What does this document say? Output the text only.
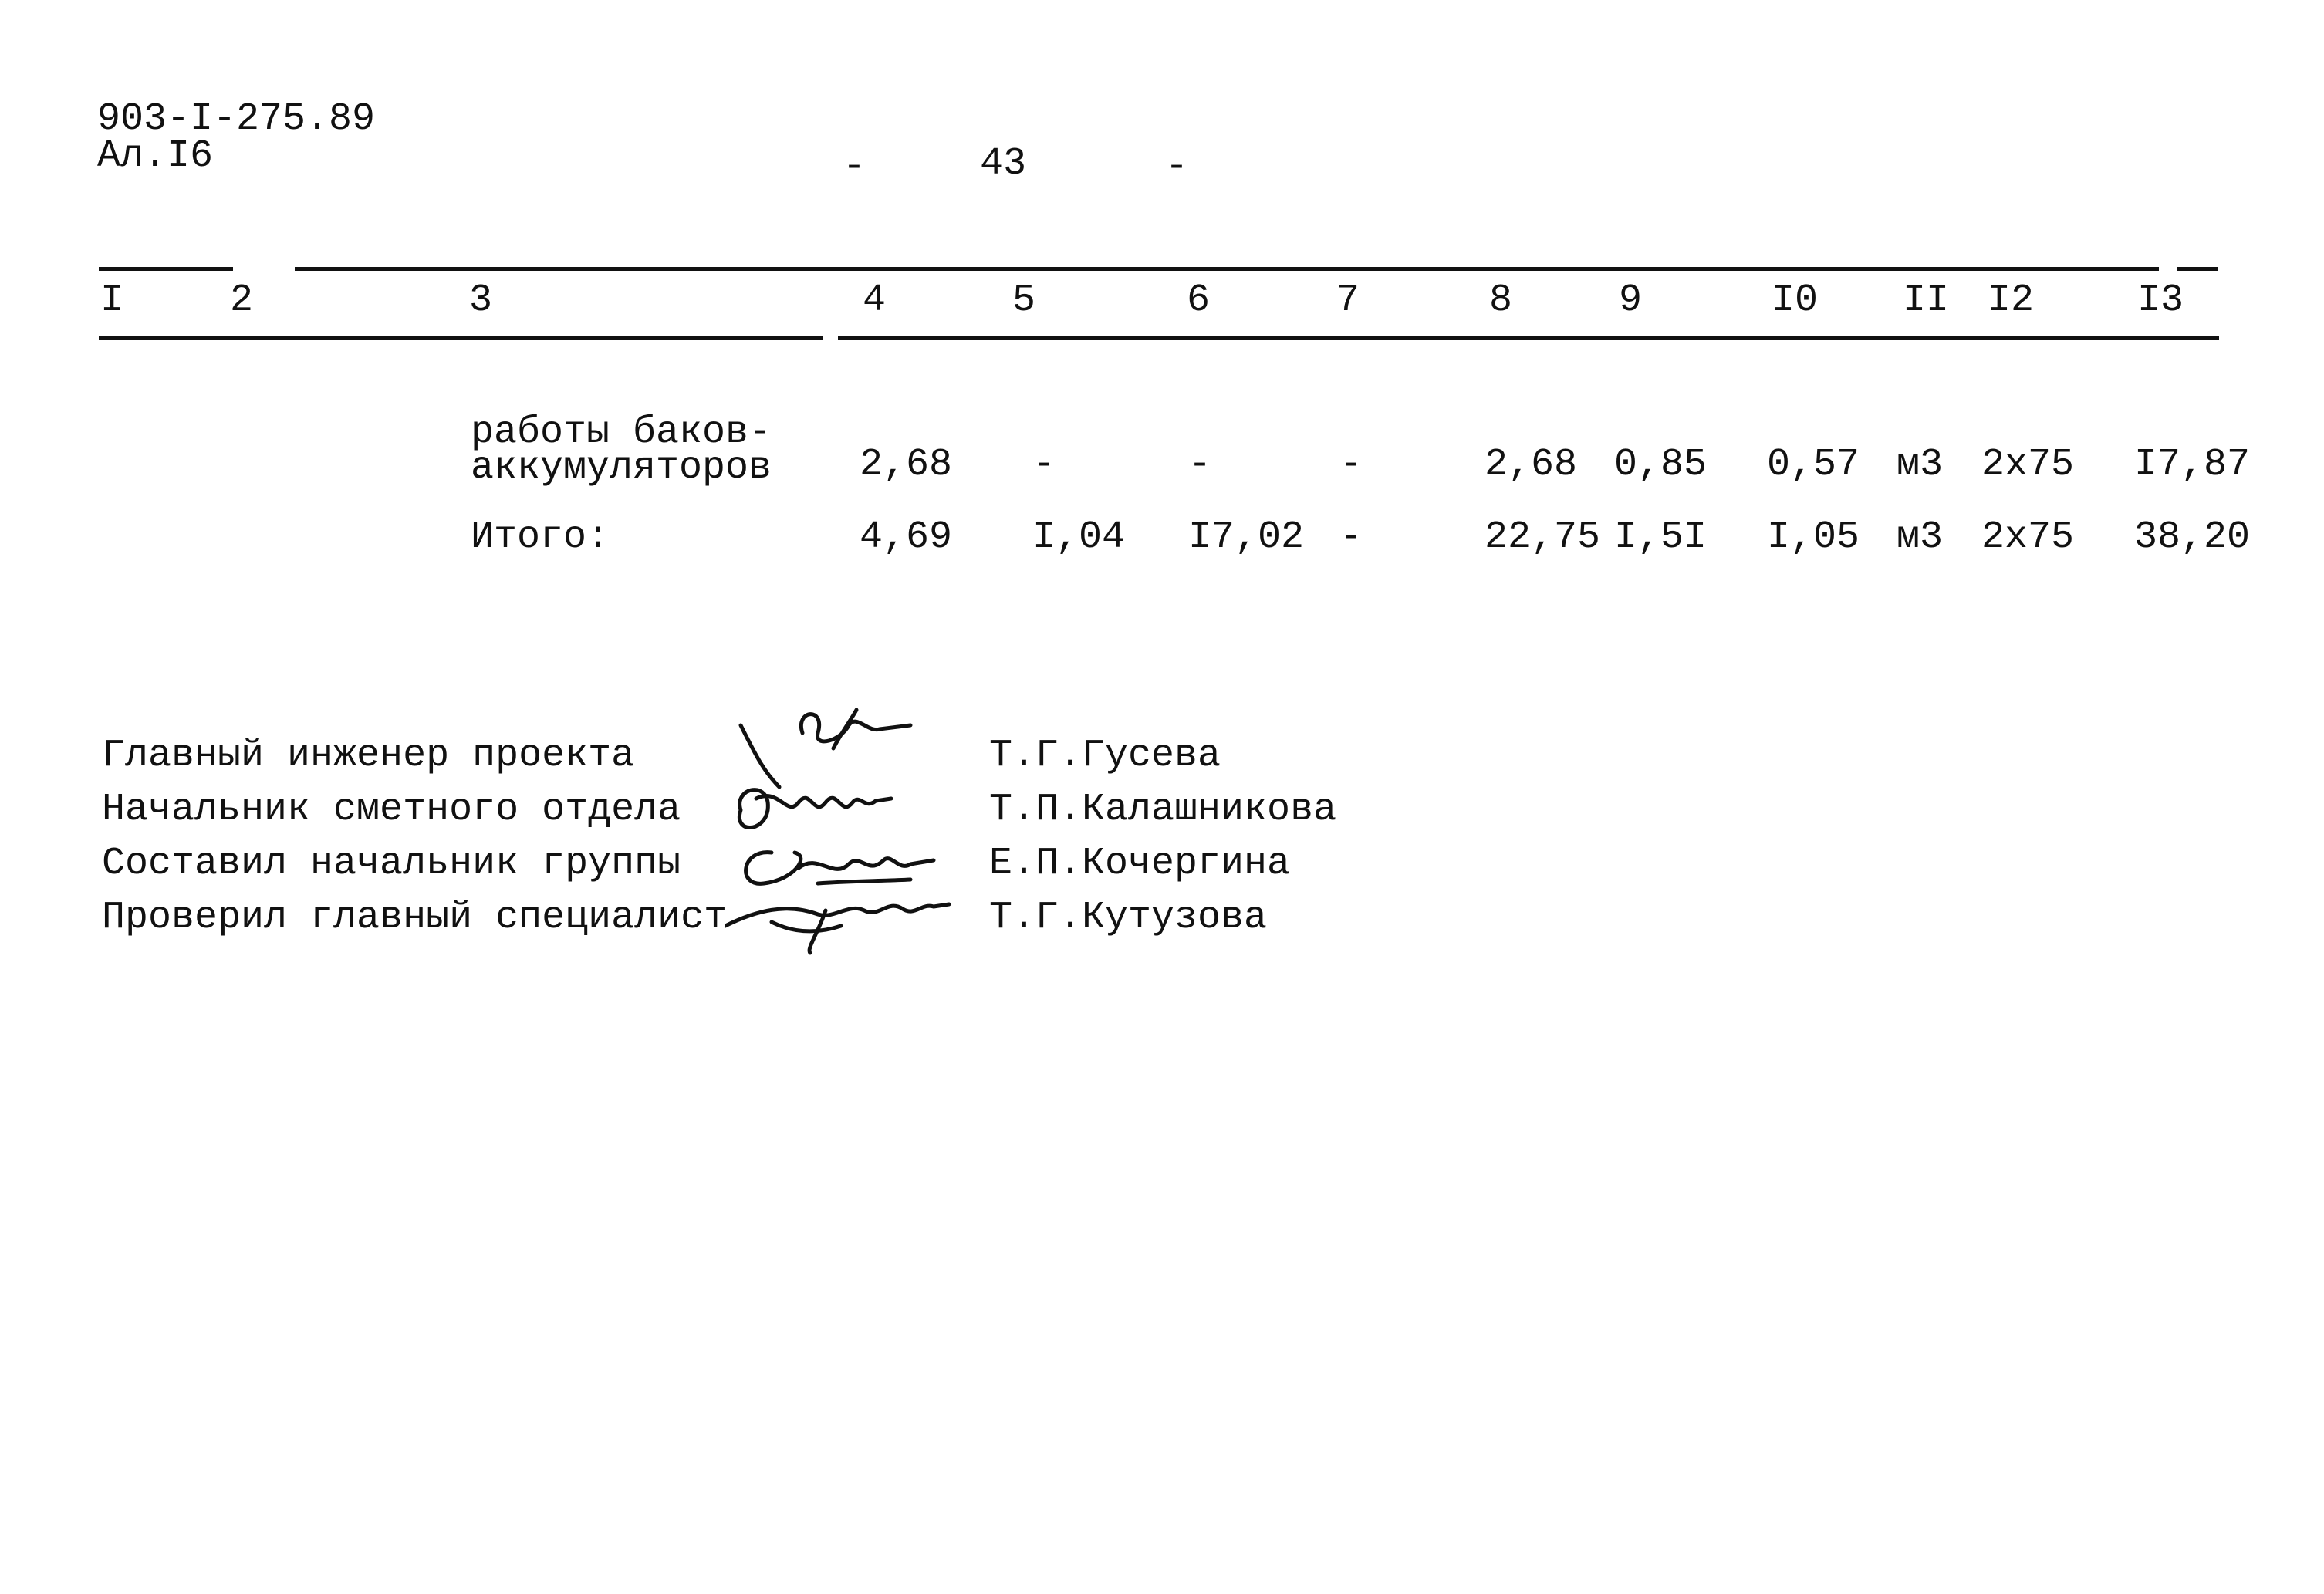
903-I-275.89
Ал.I6	-	43	-
I	2	3	4	5	6	7	8	9	I0 II I2	I3
работы баков-
аккумуляторов 2,68 -	-	-	2,68 0,85 0,57 м3 2x75 I7,87
Итого:	4,69 I,04 I7,02 -	22,75 I,5I I,05 м3 2x75 38,20
Главный инженер проекта	Т.Г.Гусева
Начальник сметного отдела	Т.П.Калашникова
Составил начальник группы	Е.П.Кочергина
Проверил главный специалист	Т.Г.Кутузова
